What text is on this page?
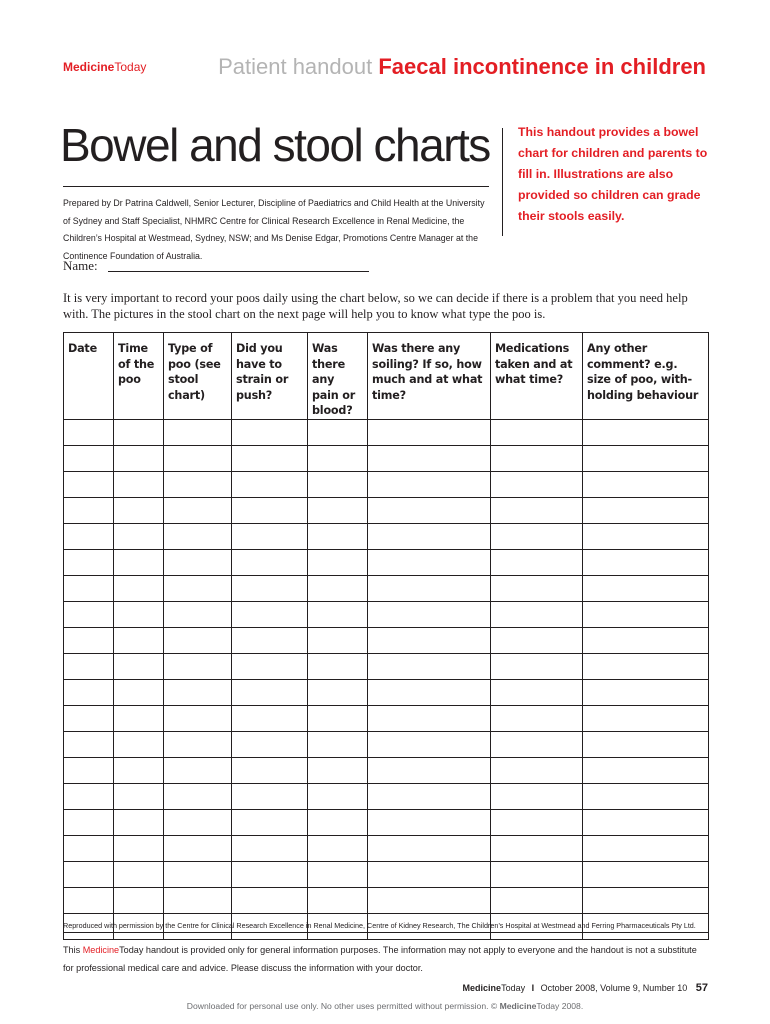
MedicineToday	Patient handout Faecal incontinence in children
Bowel and stool charts This handout provides a bowel chart for children and parents to fill in. Illustrations are also provided so children can grade their stools easily.
Prepared by Dr Patrina Caldwell, Senior Lecturer, Discipline of Paediatrics and Child Health at the University of Sydney and Staff Specialist, NHMRC Centre for Clinical Research Excellence in Renal Medicine, the Children’s Hospital at Westmead, Sydney, NSW; and Ms Denise Edgar, Promotions Centre Manager at the Continence Foundation of Australia.
Name:
It is very important to record your poos daily using the chart below, so we can decide if there is a problem that you need help with. The pictures in the stool chart on the next page will help you to know what type the poo is.
Date	Time of the poo	Type of poo (see stool chart)	Did you have to strain or push?	Was there any pain or blood?	Was there any soiling? If so, how much and at what time?	Medications taken and at what time?	Any other comment? e.g. size of poo, with-holding behaviour

Reproduced with permission by the Centre for Clinical Research Excellence in Renal Medicine, Centre of Kidney Research, The Children’s Hospital at Westmead and Ferring Pharmaceuticals Pty Ltd.
This MedicineToday handout is provided only for general information purposes. The information may not apply to everyone and the handout is not a substitute for professional medical care and advice. Please discuss the information with your doctor.
MedicineToday I October 2008, Volume 9, Number 10 57
Downloaded for personal use only. No other uses permitted without permission. © MedicineToday 2008.
